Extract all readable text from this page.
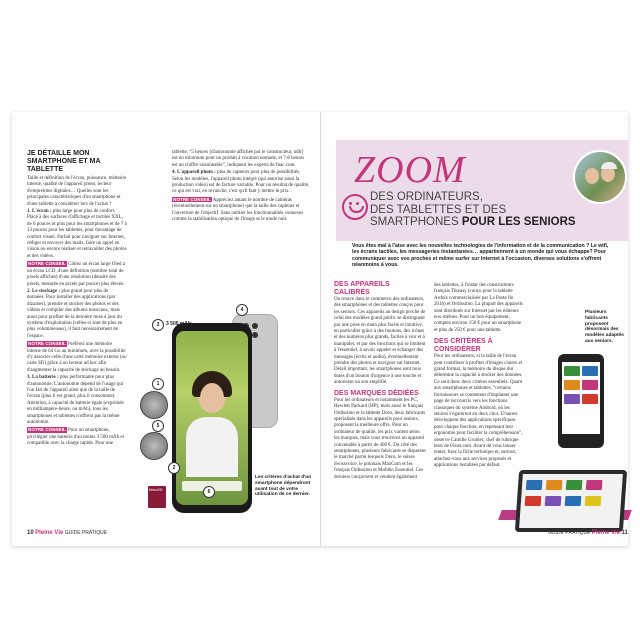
JE DÉTAILLE MON SMARTPHONE ET MA TABLETTE

Taille et définition de l'écran, puissance, mémoire interne, qualité de l'appareil photo, lecteur d'empreintes digitales… Quelles sont les principales caractéristiques d'un smartphone et d'une tablette à considérer lors de l'achat ?

1. L'écran : plus large pour plus de confort. Placé à des surfaces d'affichage et tactiles XXL, de 6 pouces et plus pour les smartphones et de 7 à 13 pouces pour les tablettes, pour davantage de confort visuel. Parfait pour naviguer sur Internet, rédiger et envoyer des mails, faire un appel en vision ou encore réaliser et retravailler des photos et des vidéos.

NOTRE CONSEIL Ciblez un écran large Oled à un écran LCD, d'une définition (nombre total de pixels affichés) d'une résolution (densité des pixels, mesurée en pixels par pouce) plus élevée.

2. Le stockage : plus grand pour plus de données. Pour installer des applications (par dizaines), prendre et stocker des photos et des vidéos et compiler des albums musicaux, mais aussi pour profiter de la dernière mise à jour du système d'exploitation (celles-ci sont de plus en plus volumineuses), il faut nécessairement de l'espace.

NOTRE CONSEIL Préférez une mémoire interne de 64 Go au minimum, avec la possibilité d'y associer celle d'une carte mémoire externe (ou carte SD) grâce à un lecteur ad hoc afin d'augmenter la capacité de stockage au besoin.

3. La batterie : plus performante pour plus d'autonomie. L'autonomie dépend de l'usage qui l'on fait de l'appareil ainsi que de la taille de l'écran (plus il est grand, plus il consomme). Attention, à capacité de batterie égale (exprimée en milliampère-heure, ou mAh), tous les smartphones et tablettes n'offrent pas la même autonomie.

NOTRE CONSEIL Pour un smartphone, privilégier une batterie d'au moins 3 500 mAh et compatible avec la charge rapide. Pour une

tablette, “5 heures [d'autonomie affichée par le constructeur, ndlr] est un minimum pour un produit à vocation nomade, et 7-8 heures est un chiffre raisonnable”, indiquent les experts de fnac.com.

4. L'appareil photo : plus de capteurs pour plus de possibilités. Selon les modèles, l'appareil photo intégré (qui autorise aussi la production vidéo) est de facture variable. Pour un résultat de qualité, ce qui est vrai, en revanche, c'est qu'il faut y mettre le prix.

NOTRE CONSEIL Appréciez autant le nombre de caméras (éventuellement sur un smartphone) que la taille des capteurs et l'ouverture de l'objectif. Sans oublier les fonctionnalités connexes comme la stabilisation optique de l'image et le mode nuit.

3 500 mAh
3
4
1
5
6
2
MicroSD
Les critères d'achat d'un smartphone dépendront avant tout de votre utilisation de ce dernier.
ZOOM
DES ORDINATEURS,
DES TABLETTES ET DES
SMARTPHONES POUR LES SENIORS
Vous êtes mal à l'aise avec les nouvelles technologies de l'information et de la communication ? Le wifi, les écrans tactiles, les messageries instantanées… appartiennent à un monde qui vous échappe? Pour communiquer avec vos proches et même surfer sur Internet à l'occasion, diverses solutions s'offrent néanmoins à vous.
DES APPAREILS CALIBRÉS

On trouve dans le commerce des ordinateurs, des smartphones et des tablettes conçus pour les seniors. Ces appareils au design proche de celui des modèles grand public se distinguent par une prise en main plus facile et intuitive, en particulier grâce à des boutons, des icônes et des numéros plus grands, faciles à voir et à manipuler, et par des fonctions qui se limitent à l'essentiel, à savoir appeler et échanger des messages (écrits et audio), éventuellement prendre des photos et naviguer sur Internet. Détail important, les smartphones sont tous dotés d'un bouton d'urgence à une touche et autorisent un son amplifié.

DES MARQUES DÉDIÉES

Pour les ordinateurs et notamment les PC, Hewlett Packard (HP), mais aussi le français Ordissimo et la tablette Doro, deux fabricants spécialisés dans les appareils pour seniors, proposent la meilleure offre. Pour un ordinateur de qualité, les prix varient selon les marques, mais vous trouverez un appareil convenable à partir de 400 €. Du côté des smartphones, plusieurs fabricants se disputent le marché parmi lesquels Doro, le suisse Swissvoice, le polonais MaxCom et les français Ordissimo et Mobiho Essentiel. Ces derniers conçoivent et vendent également

des tablettes, à l'instar des constructeurs français Tikeasy (conçu pour la tablette Ardoiz commercialisée par La Poste fin 2016) et Ordissimo. La plupart des appareils sont distribués sur Internet par les éditeurs eux-mêmes. Pour un bon équipement, comptez environ 150 € pour un smartphone et plus de 250 € pour une tablette.

DES CRITÈRES À CONSIDÉRER

Pour les ordinateurs, si la taille de l'écran peut contribuer à profiter d'images claires et grand format, la mémoire du disque dur détermine la capacité à stocker des données. Ce sont donc deux critères essentiels. Quant aux smartphones et tablettes, “certains fournisseurs se contentent d'implanter une page de raccourcis vers les fonctions classiques du système Android, où les seniors s'égareront en deux clics. D'autres développent des applications spécifiques pour chaque fonction, en repensant leur ergonomie pour faciliter la compréhension”, observe Camille Gruhier, chef de rubrique tests de 01net.com. Avant de vous laisser tenter, lisez la fiche technique et, surtout, attachez-vous aux services proposés et applications installées par défaut.

Plusieurs fabricants proposent désormais des modèles adaptés aux seniors.
10 Pleine Vie GUIDE PRATIQUE	GUIDE PRATIQUE Pleine Vie 11
